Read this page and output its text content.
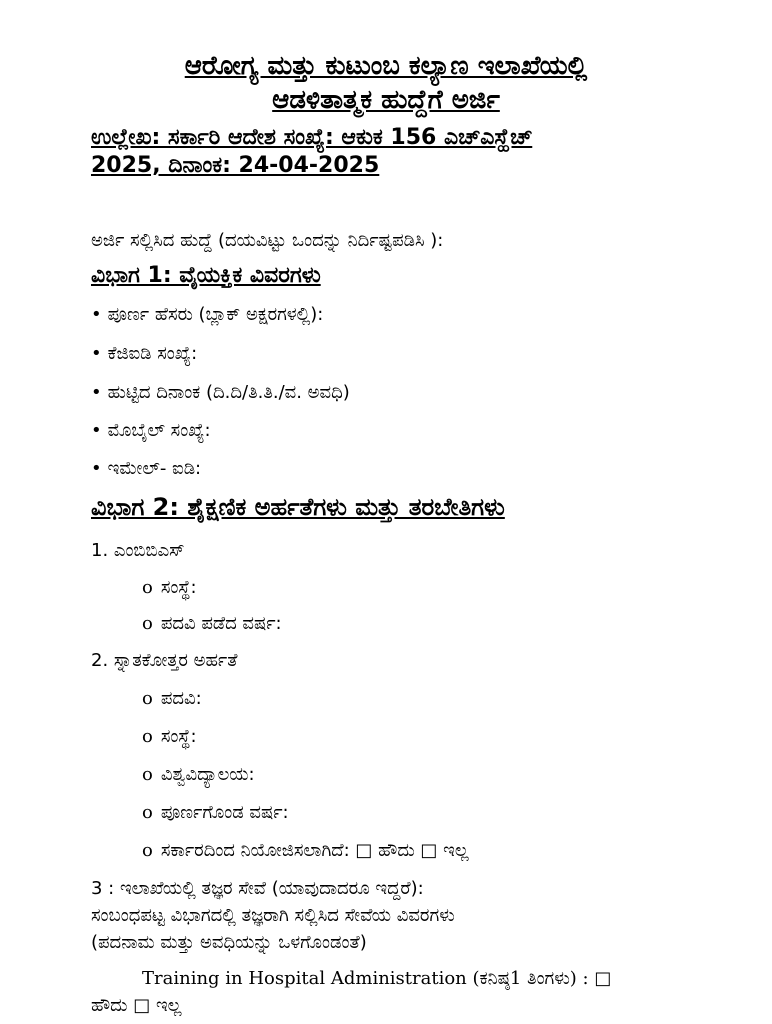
ಆರೋಗ್ಯ ಮತ್ತು ಕುಟುಂಬ ಕಲ್ಯಾಣ ಇಲಾಖೆಯಲ್ಲಿ
ಆಡಳಿತಾತ್ಮಕ ಹುದ್ದೆಗೆ ಅರ್ಜಿ
ಉಲ್ಲೇಖ: ಸರ್ಕಾರಿ ಆದೇಶ ಸಂಖ್ಯೆ: ಆಕುಕ 156 ಎಚ್ಎಸ್ಹೆಚ್
2025, ದಿನಾಂಕ: 24-04-2025
ಅರ್ಜಿ ಸಲ್ಲಿಸಿದ ಹುದ್ದೆ (ದಯವಿಟ್ಟು ಒಂದನ್ನು ನಿರ್ದಿಷ್ಟಪಡಿಸಿ ):
ವಿಭಾಗ 1: ವೈಯಕ್ತಿಕ ವಿವರಗಳು
• ಪೂರ್ಣ ಹೆಸರು (ಬ್ಲಾಕ್ ಅಕ್ಷರಗಳಲ್ಲಿ):
• ಕೆಜಿಐಡಿ ಸಂಖ್ಯೆ:
• ಹುಟ್ಟಿದ ದಿನಾಂಕ (ದಿ.ದಿ/ತಿ.ತಿ./ವ. ಅವಧಿ)
• ಮೊಬೈಲ್ ಸಂಖ್ಯೆ:
• ಇಮೇಲ್- ಐಡಿ:
ವಿಭಾಗ 2: ಶೈಕ್ಷಣಿಕ ಅರ್ಹತೆಗಳು ಮತ್ತು ತರಬೇತಿಗಳು
1. ಎಂಬಿಬಿಎಸ್
o ಸಂಸ್ಥೆ:
o ಪದವಿ ಪಡೆದ ವರ್ಷ:
2. ಸ್ನಾತಕೋತ್ತರ ಅರ್ಹತೆ
o ಪದವಿ:
o ಸಂಸ್ಥೆ:
o ವಿಶ್ವವಿದ್ಯಾಲಯ:
o ಪೂರ್ಣಗೊಂಡ ವರ್ಷ:
o ಸರ್ಕಾರದಿಂದ ನಿಯೋಜಿಸಲಾಗಿದೆ: □ ಹೌದು □ ಇಲ್ಲ
3 : ಇಲಾಖೆಯಲ್ಲಿ ತಜ್ಞರ ಸೇವೆ (ಯಾವುದಾದರೂ ಇದ್ದರೆ):
ಸಂಬಂಧಪಟ್ಟ ವಿಭಾಗದಲ್ಲಿ ತಜ್ಞರಾಗಿ ಸಲ್ಲಿಸಿದ ಸೇವೆಯ ವಿವರಗಳು
(ಪದನಾಮ ಮತ್ತು ಅವಧಿಯನ್ನು ಒಳಗೊಂಡಂತೆ)
Training in Hospital Administration (ಕನಿಷ್ಠ1 ತಿಂಗಳು) : □
ಹೌದು □ ಇಲ್ಲ
